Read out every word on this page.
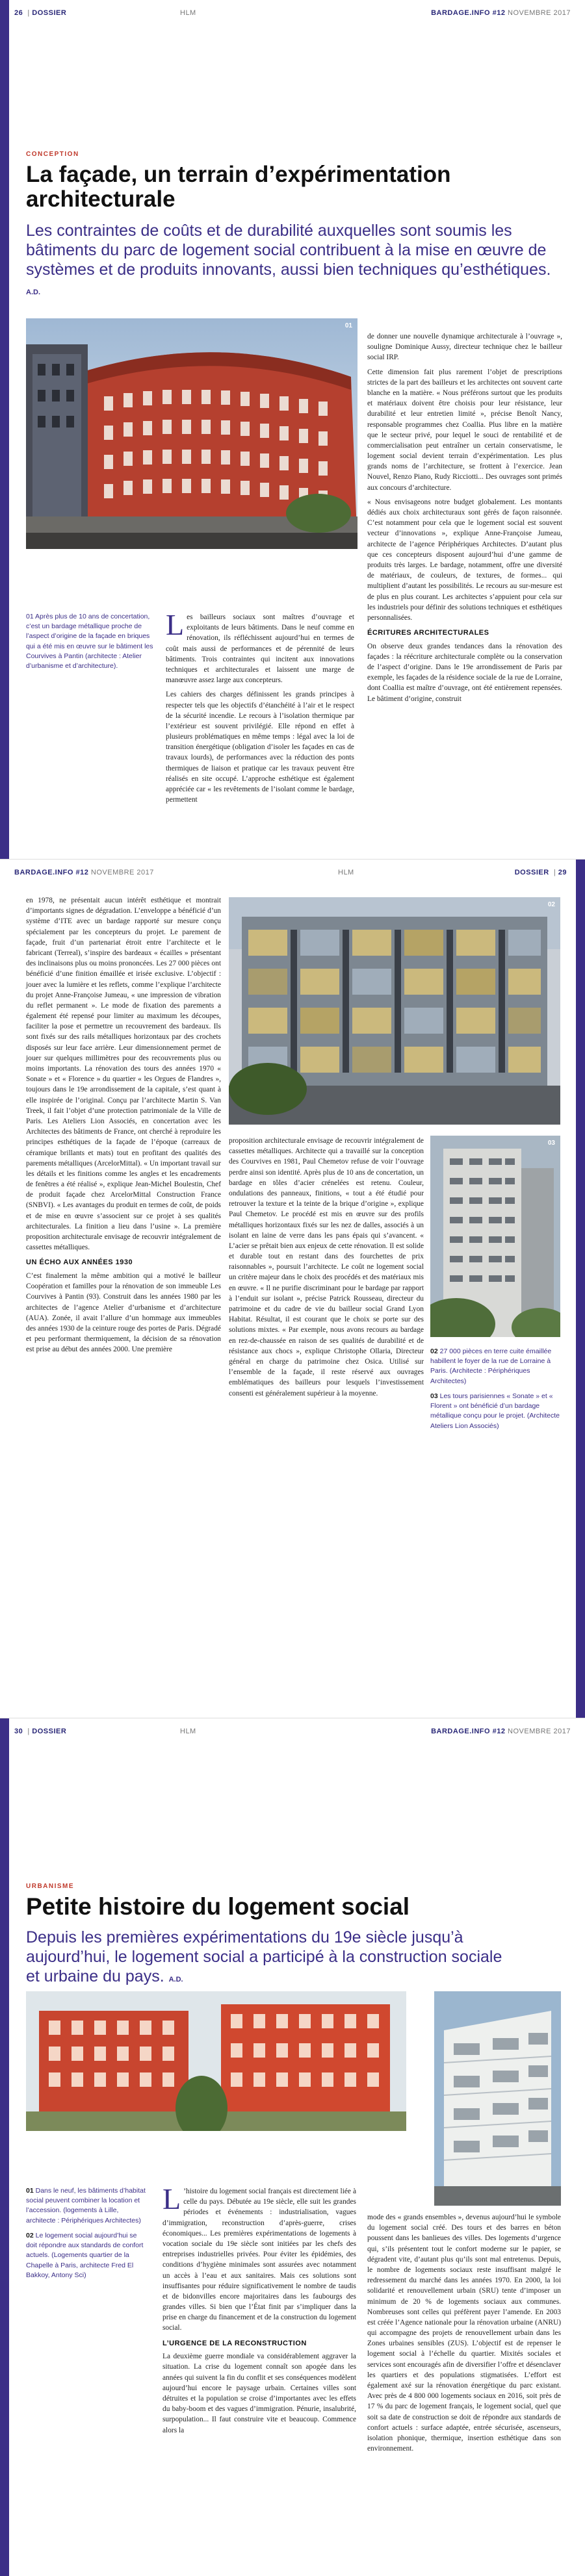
26  | DOSSIER	HLM	BARDAGE.INFO #12 NOVEMBRE 2017
CONCEPTION
La façade, un terrain d’expérimentation architecturale
Les contraintes de coûts et de durabilité auxquelles sont soumis les bâtiments du parc de logement social contribuent à la mise en œuvre de systèmes et de produits innovants, aussi bien techniques qu’esthétiques. A.D.
01
01 Après plus de 10 ans de concertation, c’est un bardage métallique proche de l’aspect d’origine de la façade en briques qui a été mis en œuvre sur le bâtiment les Courvives à Pantin (architecte : Atelier d’urbanisme et d’architecture).

Les bailleurs sociaux sont maîtres d’ouvrage et exploitants de leurs bâtiments. Dans le neuf comme en rénovation, ils réfléchissent aujourd’hui en termes de coût mais aussi de performances et de pérennité de leurs bâtiments. Trois contraintes qui incitent aux innovations techniques et architecturales et laissent une marge de manœuvre assez large aux concepteurs.

Les cahiers des charges définissent les grands principes à respecter tels que les objectifs d’étanchéité à l’air et le respect de la sécurité incendie. Le recours à l’isolation thermique par l’extérieur est souvent privilégié. Elle répond en effet à plusieurs problématiques en même temps : légal avec la loi de transition énergétique (obligation d’isoler les façades en cas de travaux lourds), de performances avec la réduction des ponts thermiques de liaison et pratique car les travaux peuvent être réalisés en site occupé. L’approche esthétique est également appréciée car « les revêtements de l’isolant comme le bardage, permettent

de donner une nouvelle dynamique architecturale à l’ouvrage », souligne Dominique Aussy, directeur technique chez le bailleur social IRP.

Cette dimension fait plus rarement l’objet de prescriptions strictes de la part des bailleurs et les architectes ont souvent carte blanche en la matière. « Nous préférons surtout que les produits et matériaux doivent être choisis pour leur résistance, leur durabilité et leur entretien limité », précise Benoît Nancy, responsable programmes chez Coallia. Plus libre en la matière que le secteur privé, pour lequel le souci de rentabilité et de commercialisation peut entraîner un certain conservatisme, le logement social devient terrain d’expérimentation. Les plus grands noms de l’architecture, se frottent à l’exercice. Jean Nouvel, Renzo Piano, Rudy Ricciotti... Des ouvrages sont primés aux concours d’architecture.

« Nous envisageons notre budget globalement. Les montants dédiés aux choix architecturaux sont gérés de façon raisonnée. C’est notamment pour cela que le logement social est souvent vecteur d’innovations », explique Anne-Françoise Jumeau, architecte de l’agence Périphériques Architectes. D’autant plus que ces concepteurs disposent aujourd’hui d’une gamme de produits très larges. Le bardage, notamment, offre une diversité de matériaux, de couleurs, de textures, de formes... qui multiplient d’autant les possibilités. Le recours au sur-mesure est de plus en plus courant. Les architectes s’appuient pour cela sur les industriels pour définir des solutions techniques et esthétiques personnalisées.

ÉCRITURES ARCHITECTURALES

On observe deux grandes tendances dans la rénovation des façades : la réécriture architecturale complète ou la conservation de l’aspect d’origine. Dans le 19e arrondissement de Paris par exemple, les façades de la résidence sociale de la rue de Lorraine, dont Coallia est maître d’ouvrage, ont été entièrement repensées. Le bâtiment d’origine, construit

BARDAGE.INFO #12 NOVEMBRE 2017	HLM	DOSSIER  | 29

en 1978, ne présentait aucun intérêt esthétique et montrait d’importants signes de dégradation. L’enveloppe a bénéficié d’un système d’ITE avec un bardage rapporté sur mesure conçu spécialement par les concepteurs du projet. Le parement de façade, fruit d’un partenariat étroit entre l’architecte et le fabricant (Terreal), s’inspire des bardeaux « écailles » présentant des inclinaisons plus ou moins prononcées. Les 27 000 pièces ont bénéficié d’une finition émaillée et irisée exclusive. L’objectif : jouer avec la lumière et les reflets, comme l’explique l’architecte du projet Anne-Françoise Jumeau, « une impression de vibration du reflet permanent ». Le mode de fixation des parements a également été repensé pour limiter au maximum les découpes, faciliter la pose et permettre un recouvrement des bardeaux. Ils sont fixés sur des rails métalliques horizontaux par des crochets disposés sur leur face arrière. Leur dimensionnement permet de jouer sur quelques millimètres pour des recouvrements plus ou moins importants. La rénovation des tours des années 1970 « Sonate » et « Florence » du quartier « les Orgues de Flandres », toujours dans le 19e arrondissement de la capitale, s’est quant à elle inspirée de l’original. Conçu par l’architecte Martin S. Van Treek, il fait l’objet d’une protection patrimoniale de la Ville de Paris. Les Ateliers Lion Associés, en concertation avec les Architectes des bâtiments de France, ont cherché à reproduire les principes esthétiques de la façade de l’époque (carreaux de céramique brillants et mats) tout en profitant des qualités des parements métalliques (ArcelorMittal). « Un important travail sur les détails et les finitions comme les angles et les encadrements de fenêtres a été réalisé », explique Jean-Michel Boulestin, Chef de produit façade chez ArcelorMittal Construction France (SNBVI). « Les avantages du produit en termes de coût, de poids et de mise en œuvre s’associent sur ce projet à ses qualités architecturales. La finition a lieu dans l’usine ». La première proposition architecturale envisage de recouvrir intégralement de cassettes métalliques.

UN ÉCHO AUX ANNÉES 1930

C’est finalement la même ambition qui a motivé le bailleur Coopération et familles pour la rénovation de son immeuble Les Courvives à Pantin (93). Construit dans les années 1980 par les architectes de l’agence Atelier d’urbanisme et d’architecture (AUA). Zonée, il avait l’allure d’un hommage aux immeubles des années 1930 de la ceinture rouge des portes de Paris. Dégradé et peu performant thermiquement, la décision de sa rénovation est prise au début des années 2000. Une première

02

proposition architecturale envisage de recouvrir intégralement de cassettes métalliques. Architecte qui a travaillé sur la conception des Courvives en 1981, Paul Chemetov refuse de voir l’ouvrage perdre ainsi son identité. Après plus de 10 ans de concertation, un bardage en tôles d’acier crénelées est retenu. Couleur, ondulations des panneaux, finitions, « tout a été étudié pour retrouver la texture et la teinte de la brique d’origine », explique Paul Chemetov. Le procédé est mis en œuvre sur des profils métalliques horizontaux fixés sur les nez de dalles, associés à un isolant en laine de verre dans les pans épais qui s’avancent. « L’acier se prêtait bien aux enjeux de cette rénovation. Il est solide et durable tout en restant dans des fourchettes de prix raisonnables », poursuit l’architecte. Le coût ne logement social un critère majeur dans le choix des procédés et des matériaux mis en œuvre. « Il ne purifie discriminant pour le bardage par rapport à l’enduit sur isolant », précise Patrick Rousseau, directeur du patrimoine et du cadre de vie du bailleur social Grand Lyon Habitat. Résultat, il est courant que le choix se porte sur des solutions mixtes. « Par exemple, nous avons recours au bardage en rez-de-chaussée en raison de ses qualités de durabilité et de résistance aux chocs », explique Christophe Ollaria, Directeur général en charge du patrimoine chez Osica. Utilisé sur l’ensemble de la façade, il reste réservé aux ouvrages emblématiques des bailleurs pour lesquels l’investissement consenti est généralement supérieur à la moyenne.

03

02 27 000 pièces en terre cuite émaillée habillent le foyer de la rue de Lorraine à Paris. (Architecte : Périphériques Architectes)

03 Les tours parisiennes « Sonate » et « Florent » ont bénéficié d’un bardage métallique conçu pour le projet. (Architecte Ateliers Lion Associés)

30  | DOSSIER	HLM	BARDAGE.INFO #12 NOVEMBRE 2017
URBANISME
Petite histoire du logement social
Depuis les premières expérimentations du 19e siècle jusqu’à aujourd’hui, le logement social a participé à la construction sociale et urbaine du pays. A.D.

01 Dans le neuf, les bâtiments d’habitat social peuvent combiner la location et l’accession. (logements à Lille, architecte : Périphériques Architectes)

02 Le logement social aujourd’hui se doit répondre aux standards de confort actuels. (Logements quartier de la Chapelle à Paris, architecte Fred El Bakkoy, Antony Sci)

L ’histoire du logement social français est directement liée à celle du pays. Débutée au 19e siècle, elle suit les grandes périodes et événements : industrialisation, vagues d’immigration, reconstruction d’après-guerre, crises économiques... Les premières expérimentations de logements à vocation sociale du 19e siècle sont initiées par les chefs des entreprises industrielles privées. Pour éviter les épidémies, des conditions d’hygiène minimales sont assurées avec notamment un accès à l’eau et aux sanitaires. Mais ces solutions sont insuffisantes pour réduire significativement le nombre de taudis et de bidonvilles encore majoritaires dans les faubourgs des grandes villes. Si bien que l’État finit par s’impliquer dans la prise en charge du financement et de la construction du logement social.

L’URGENCE DE LA RECONSTRUCTION

La deuxième guerre mondiale va considérablement aggraver la situation. La crise du logement connaît son apogée dans les années qui suivent la fin du conflit et ses conséquences modèlent aujourd’hui encore le paysage urbain. Certaines villes sont détruites et la population se croise d’importantes avec les effets du baby-boom et des vagues d’immigration. Pénurie, insalubrité, surpopulation... Il faut construire vite et beaucoup. Commence alors la

mode des « grands ensembles », devenus aujourd’hui le symbole du logement social créé. Des tours et des barres en béton poussent dans les banlieues des villes. Des logements d’urgence qui, s’ils présentent tout le confort moderne sur le papier, se dégradent vite, d’autant plus qu’ils sont mal entretenus. Depuis, le nombre de logements sociaux reste insuffisant malgré le redressement du marché dans les années 1970. En 2000, la loi solidarité et renouvellement urbain (SRU) tente d’imposer un minimum de 20 % de logements sociaux aux communes. Nombreuses sont celles qui préfèrent payer l’amende. En 2003 est créée l’Agence nationale pour la rénovation urbaine (ANRU) qui accompagne des projets de renouvellement urbain dans les Zones urbaines sensibles (ZUS). L’objectif est de repenser le logement social à l’échelle du quartier. Mixités sociales et services sont encouragés afin de diversifier l’offre et désenclaver les quartiers et des populations stigmatisées. L’effort est également axé sur la rénovation énergétique du parc existant. Avec près de 4 800 000 logements sociaux en 2016, soit près de 17 % du parc de logement français, le logement social, quel que soit sa date de construction se doit de répondre aux standards de confort actuels : surface adaptée, entrée sécurisée, ascenseurs, isolation phonique, thermique, insertion esthétique dans son environnement.
